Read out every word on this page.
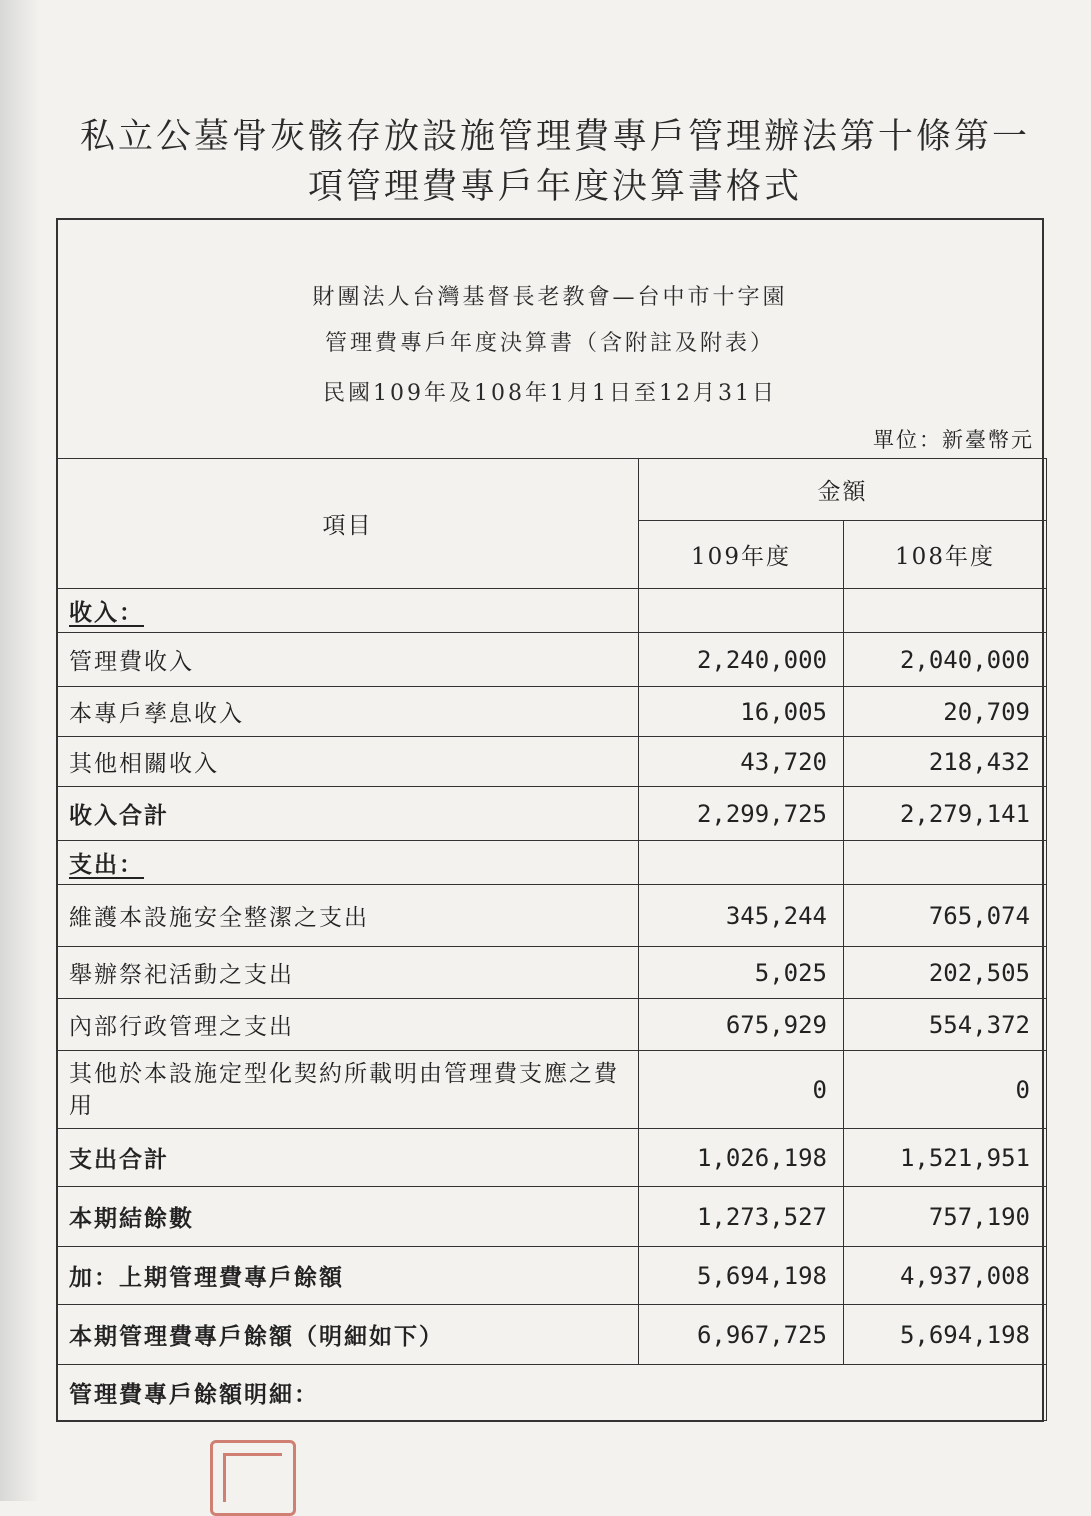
私立公墓骨灰骸存放設施管理費專戶管理辦法第十條第一
項管理費專戶年度決算書格式
財團法人台灣基督長老教會—台中市十字園
管理費專戶年度決算書（含附註及附表）
民國109年及108年1月1日至12月31日
單位：新臺幣元
項目	金額	
	109年度	108年度
收入：		
管理費收入	2,240,000	2,040,000
本專戶孳息收入	16,005	20,709
其他相關收入	43,720	218,432
收入合計	2,299,725	2,279,141
支出：		
維護本設施安全整潔之支出	345,244	765,074
舉辦祭祀活動之支出	5,025	202,505
內部行政管理之支出	675,929	554,372
其他於本設施定型化契約所載明由管理費支應之費用	0	0
支出合計	1,026,198	1,521,951
本期結餘數	1,273,527	757,190
加：上期管理費專戶餘額	5,694,198	4,937,008
本期管理費專戶餘額（明細如下）	6,967,725	5,694,198
管理費專戶餘額明細：		
